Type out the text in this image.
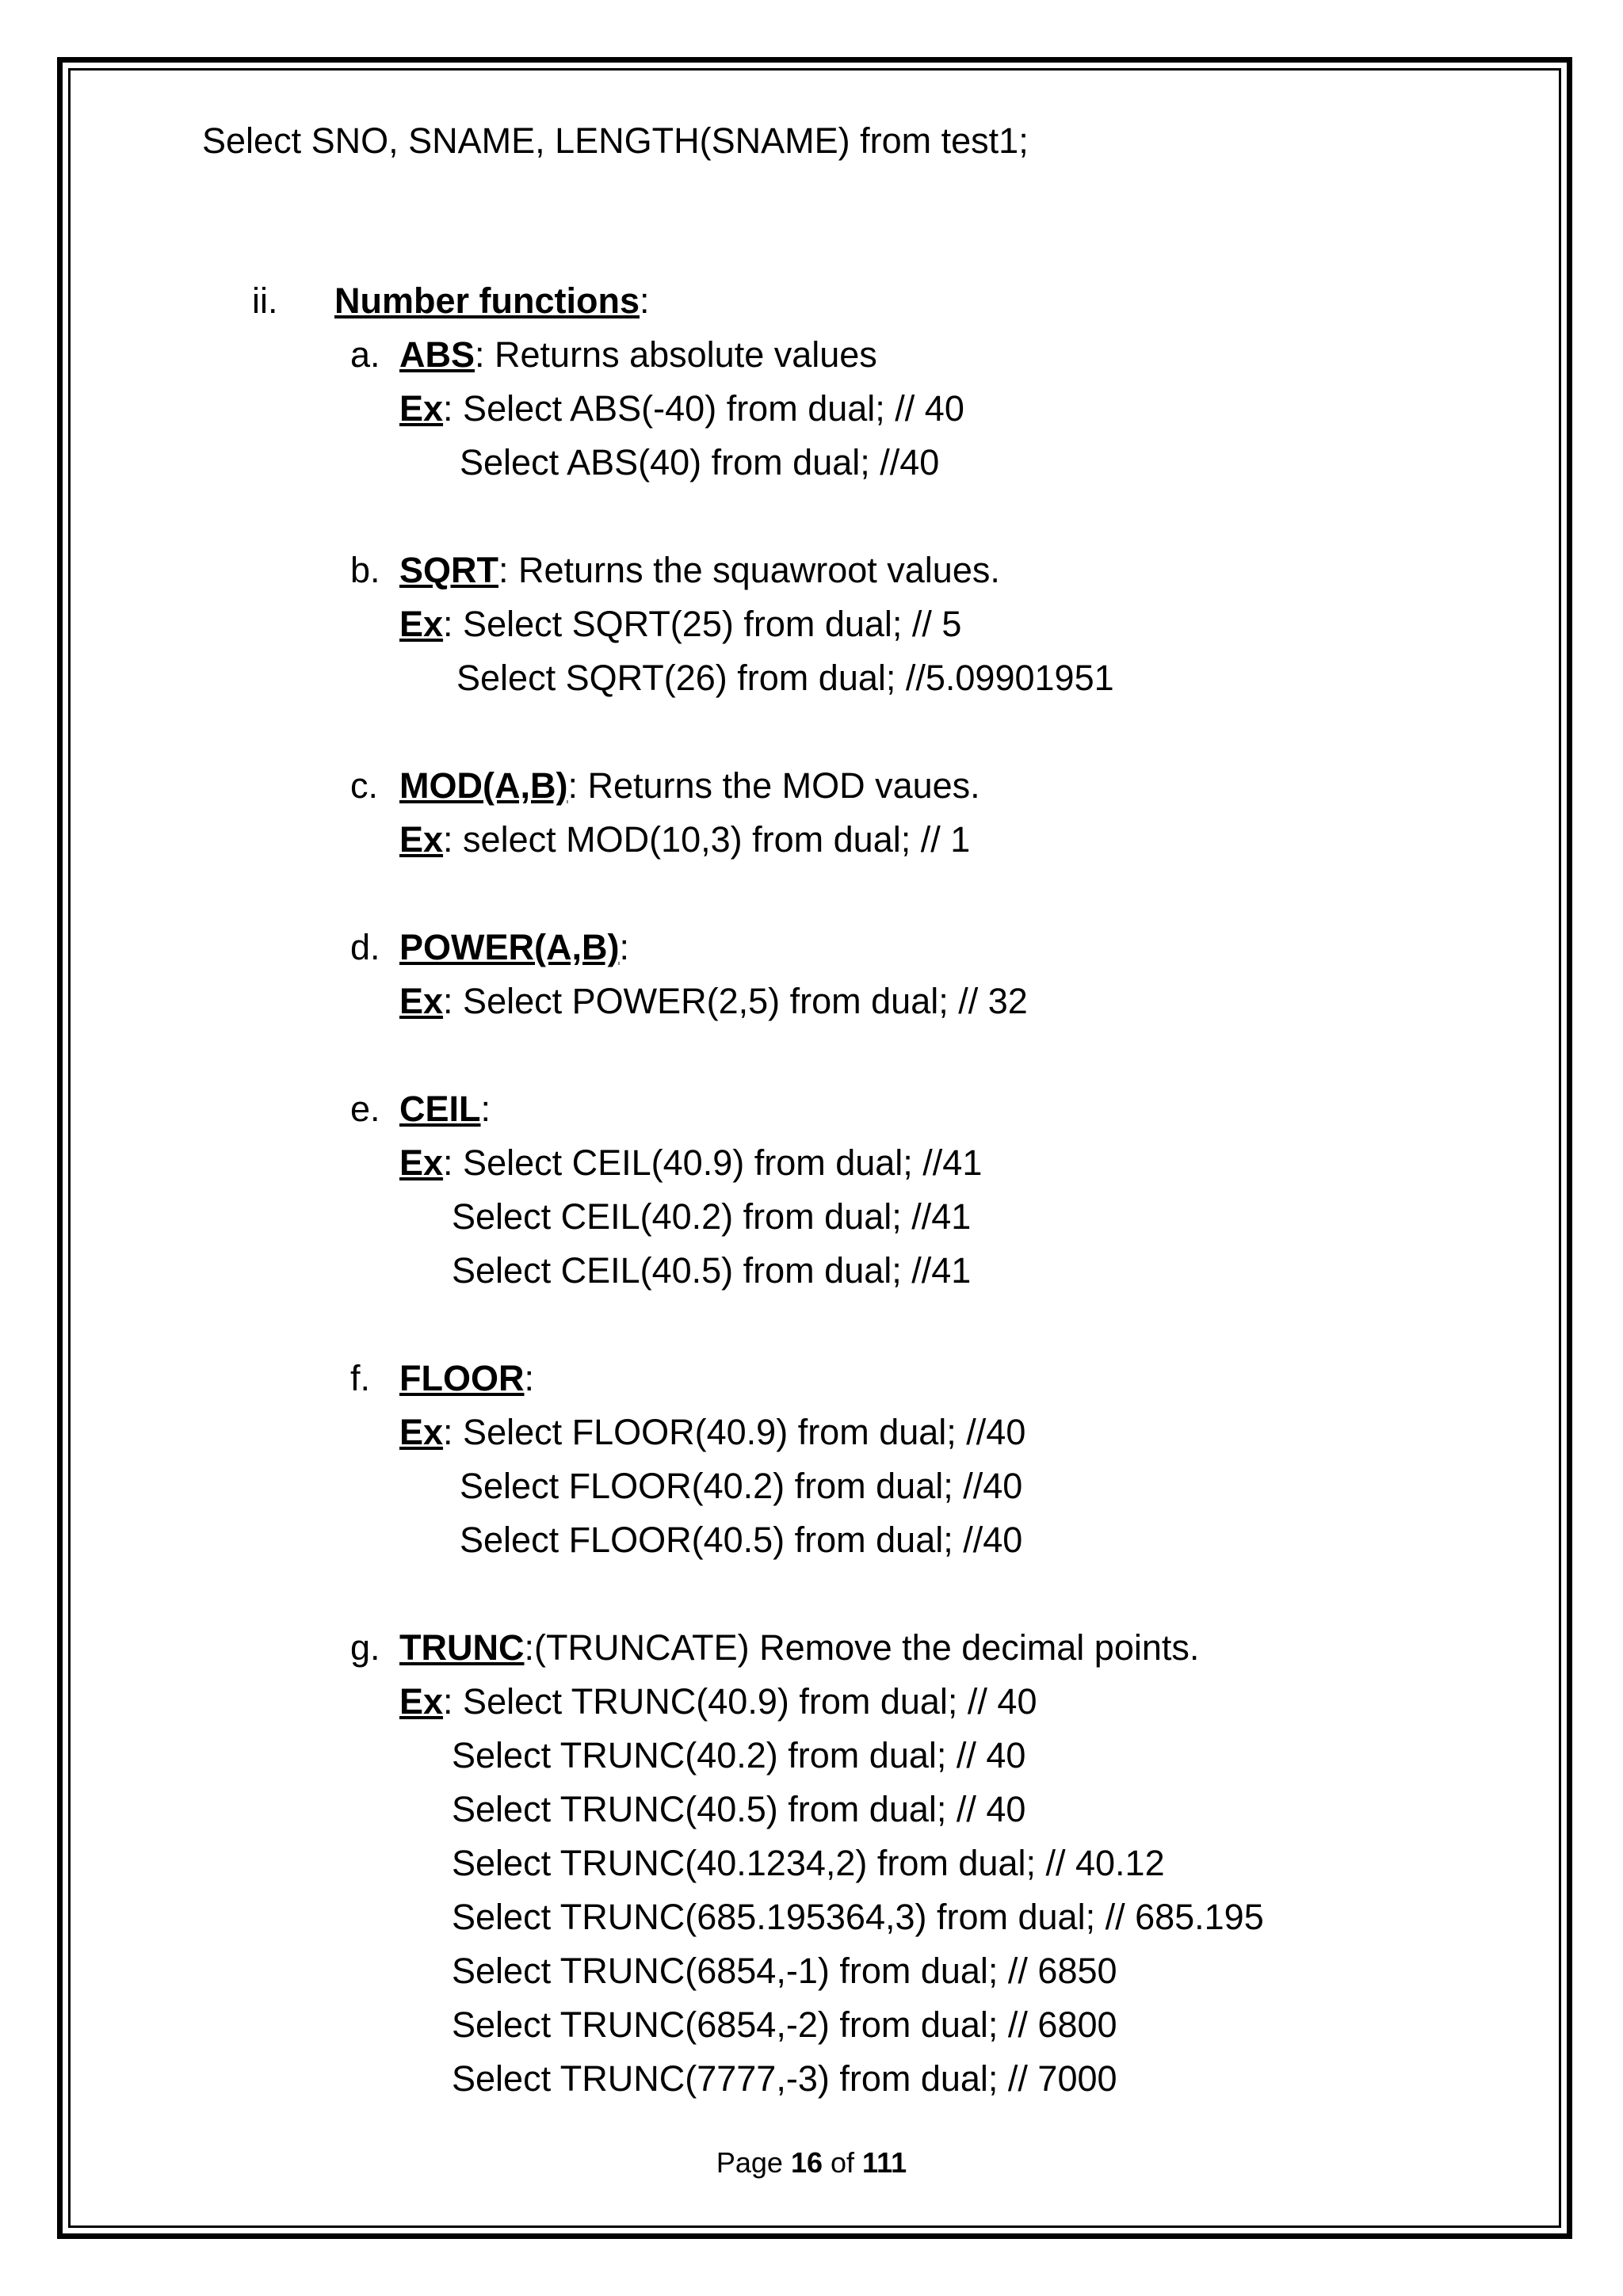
Select SNO, SNAME, LENGTH(SNAME) from test1;
ii. Number functions:
a. ABS: Returns absolute values
Ex: Select ABS(-40) from dual; // 40
Select ABS(40) from dual; //40
b. SQRT: Returns the squawroot values.
Ex: Select SQRT(25) from dual; // 5
Select SQRT(26) from dual; //5.09901951
c. MOD(A,B): Returns the MOD vaues.
Ex: select MOD(10,3) from dual; // 1
d. POWER(A,B):
Ex: Select POWER(2,5) from dual; // 32
e. CEIL:
Ex: Select CEIL(40.9) from dual; //41
Select CEIL(40.2) from dual; //41
Select CEIL(40.5) from dual; //41
f. FLOOR:
Ex: Select FLOOR(40.9) from dual; //40
Select FLOOR(40.2) from dual; //40
Select FLOOR(40.5) from dual; //40
g. TRUNC:(TRUNCATE) Remove the decimal points.
Ex: Select TRUNC(40.9) from dual; // 40
Select TRUNC(40.2) from dual; // 40
Select TRUNC(40.5) from dual; // 40
Select TRUNC(40.1234,2) from dual; // 40.12
Select TRUNC(685.195364,3) from dual; // 685.195
Select TRUNC(6854,-1) from dual; // 6850
Select TRUNC(6854,-2) from dual; // 6800
Select TRUNC(7777,-3) from dual; // 7000
Page 16 of 111
